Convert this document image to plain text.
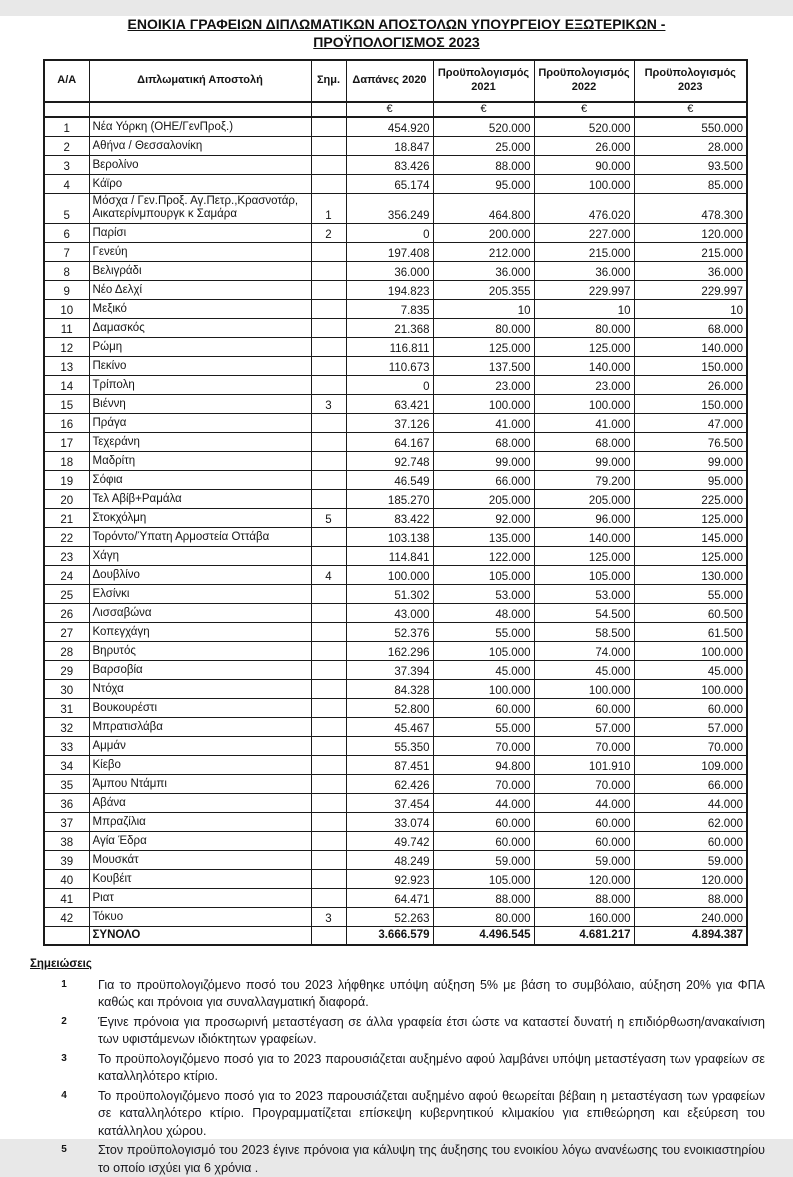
ΕΝΟΙΚΙΑ ΓΡΑΦΕΙΩΝ ΔΙΠΛΩΜΑΤΙΚΩΝ ΑΠΟΣΤΟΛΩΝ ΥΠΟΥΡΓΕΙΟΥ ΕΞΩΤΕΡΙΚΩΝ -
ΠΡΟΫΠΟΛΟΓΙΣΜΟΣ 2023
Α/Α	Διπλωματική Αποστολή	Σημ.	Δαπάνες 2020	Προϋπολογισμός 2021	Προϋπολογισμός 2022	Προϋπολογισμός 2023
			€	€	€	€
1	Νέα Υόρκη (ΟΗΕ/ΓενΠροξ.)		454.920	520.000	520.000	550.000
2	Αθήνα / Θεσσαλονίκη		18.847	25.000	26.000	28.000
3	Βερολίνο		83.426	88.000	90.000	93.500
4	Κάϊρο		65.174	95.000	100.000	85.000
5	Μόσχα / Γεν.Προξ. Αγ.Πετρ.,Κρασνοτάρ, Αικατερίνμπουργκ κ Σαμάρα	1	356.249	464.800	476.020	478.300
6	Παρίσι	2	0	200.000	227.000	120.000
7	Γενεύη		197.408	212.000	215.000	215.000
8	Βελιγράδι		36.000	36.000	36.000	36.000
9	Νέο Δελχί		194.823	205.355	229.997	229.997
10	Μεξικό		7.835	10	10	10
11	Δαμασκός		21.368	80.000	80.000	68.000
12	Ρώμη		116.811	125.000	125.000	140.000
13	Πεκίνο		110.673	137.500	140.000	150.000
14	Τρίπολη		0	23.000	23.000	26.000
15	Βιέννη	3	63.421	100.000	100.000	150.000
16	Πράγα		37.126	41.000	41.000	47.000
17	Τεχεράνη		64.167	68.000	68.000	76.500
18	Μαδρίτη		92.748	99.000	99.000	99.000
19	Σόφια		46.549	66.000	79.200	95.000
20	Τελ Αβίβ+Ραμάλα		185.270	205.000	205.000	225.000
21	Στοκχόλμη	5	83.422	92.000	96.000	125.000
22	Τορόντο/Ύπατη Αρμοστεία Οττάβα		103.138	135.000	140.000	145.000
23	Χάγη		114.841	122.000	125.000	125.000
24	Δουβλίνο	4	100.000	105.000	105.000	130.000
25	Ελσίνκι		51.302	53.000	53.000	55.000
26	Λισσαβώνα		43.000	48.000	54.500	60.500
27	Κοπεγχάγη		52.376	55.000	58.500	61.500
28	Βηρυτός		162.296	105.000	74.000	100.000
29	Βαρσοβία		37.394	45.000	45.000	45.000
30	Ντόχα		84.328	100.000	100.000	100.000
31	Βουκουρέστι		52.800	60.000	60.000	60.000
32	Μπρατισλάβα		45.467	55.000	57.000	57.000
33	Αμμάν		55.350	70.000	70.000	70.000
34	Κίεβο		87.451	94.800	101.910	109.000
35	Άμπου Ντάμπι		62.426	70.000	70.000	66.000
36	Αβάνα		37.454	44.000	44.000	44.000
37	Μπραζίλια		33.074	60.000	60.000	62.000
38	Αγία Έδρα		49.742	60.000	60.000	60.000
39	Μουσκάτ		48.249	59.000	59.000	59.000
40	Κουβέιτ		92.923	105.000	120.000	120.000
41	Ριατ		64.471	88.000	88.000	88.000
42	Τόκυο	3	52.263	80.000	160.000	240.000
	ΣΥΝΟΛΟ		3.666.579	4.496.545	4.681.217	4.894.387
Σημειώσεις
1	Για το προϋπολογιζόμενο ποσό του 2023 λήφθηκε υπόψη αύξηση 5% με βάση το συμβόλαιο, αύξηση 20% για ΦΠΑ καθώς και πρόνοια για συναλλαγματική διαφορά.
2	Έγινε πρόνοια για προσωρινή μεταστέγαση σε άλλα γραφεία έτσι ώστε να καταστεί δυνατή η επιδιόρθωση/ανακαίνιση των υφιστάμενων ιδιόκτητων γραφείων.
3	Το προϋπολογιζόμενο ποσό για το 2023 παρουσιάζεται αυξημένο αφού λαμβάνει υπόψη μεταστέγαση των γραφείων σε καταλληλότερο κτίριο.
4	Το προϋπολογιζόμενο ποσό για το 2023 παρουσιάζεται αυξημένο αφού θεωρείται βέβαιη η μεταστέγαση των γραφείων σε καταλληλότερο κτίριο. Προγραμματίζεται επίσκεψη κυβερνητικού κλιμακίου για επιθεώρηση και εξεύρεση του κατάλληλου χώρου.
5	Στον προϋπολογισμό του 2023 έγινε πρόνοια για κάλυψη της άυξησης του ενοικίου λόγω ανανέωσης του ενοικιαστηρίου το οποίο ισχύει για 6 χρόνια .
